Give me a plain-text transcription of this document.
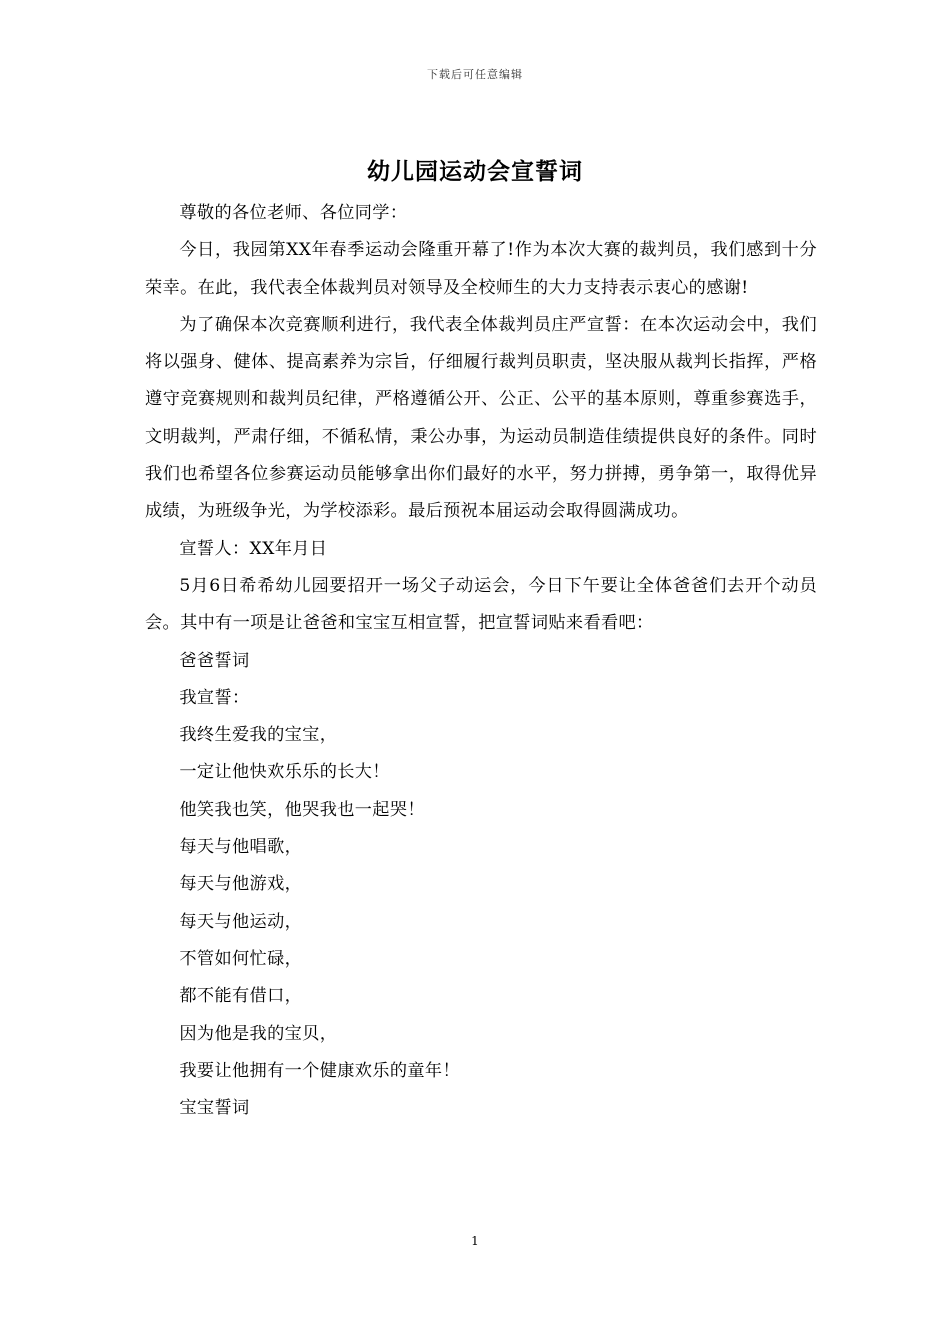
下载后可任意编辑
幼儿园运动会宣誓词

尊敬的各位老师、各位同学：

今日，我园第XX年春季运动会隆重开幕了!作为本次大赛的裁判员，我们感到十分荣幸。在此，我代表全体裁判员对领导及全校师生的大力支持表示衷心的感谢!

为了确保本次竞赛顺利进行，我代表全体裁判员庄严宣誓：在本次运动会中，我们将以强身、健体、提高素养为宗旨，仔细履行裁判员职责，坚决服从裁判长指挥，严格遵守竞赛规则和裁判员纪律，严格遵循公开、公正、公平的基本原则，尊重参赛选手，文明裁判，严肃仔细，不循私情，秉公办事，为运动员制造佳绩提供良好的条件。同时我们也希望各位参赛运动员能够拿出你们最好的水平，努力拼搏，勇争第一，取得优异成绩，为班级争光，为学校添彩。最后预祝本届运动会取得圆满成功。

宣誓人：XX年月日

5月6日希希幼儿园要招开一场父子动运会，今日下午要让全体爸爸们去开个动员会。其中有一项是让爸爸和宝宝互相宣誓，把宣誓词贴来看看吧：

爸爸誓词

我宣誓：

我终生爱我的宝宝，

一定让他快欢乐乐的长大！

他笑我也笑，他哭我也一起哭！

每天与他唱歌，

每天与他游戏，

每天与他运动，

不管如何忙碌，

都不能有借口，

因为他是我的宝贝，

我要让他拥有一个健康欢乐的童年！

宝宝誓词

1
